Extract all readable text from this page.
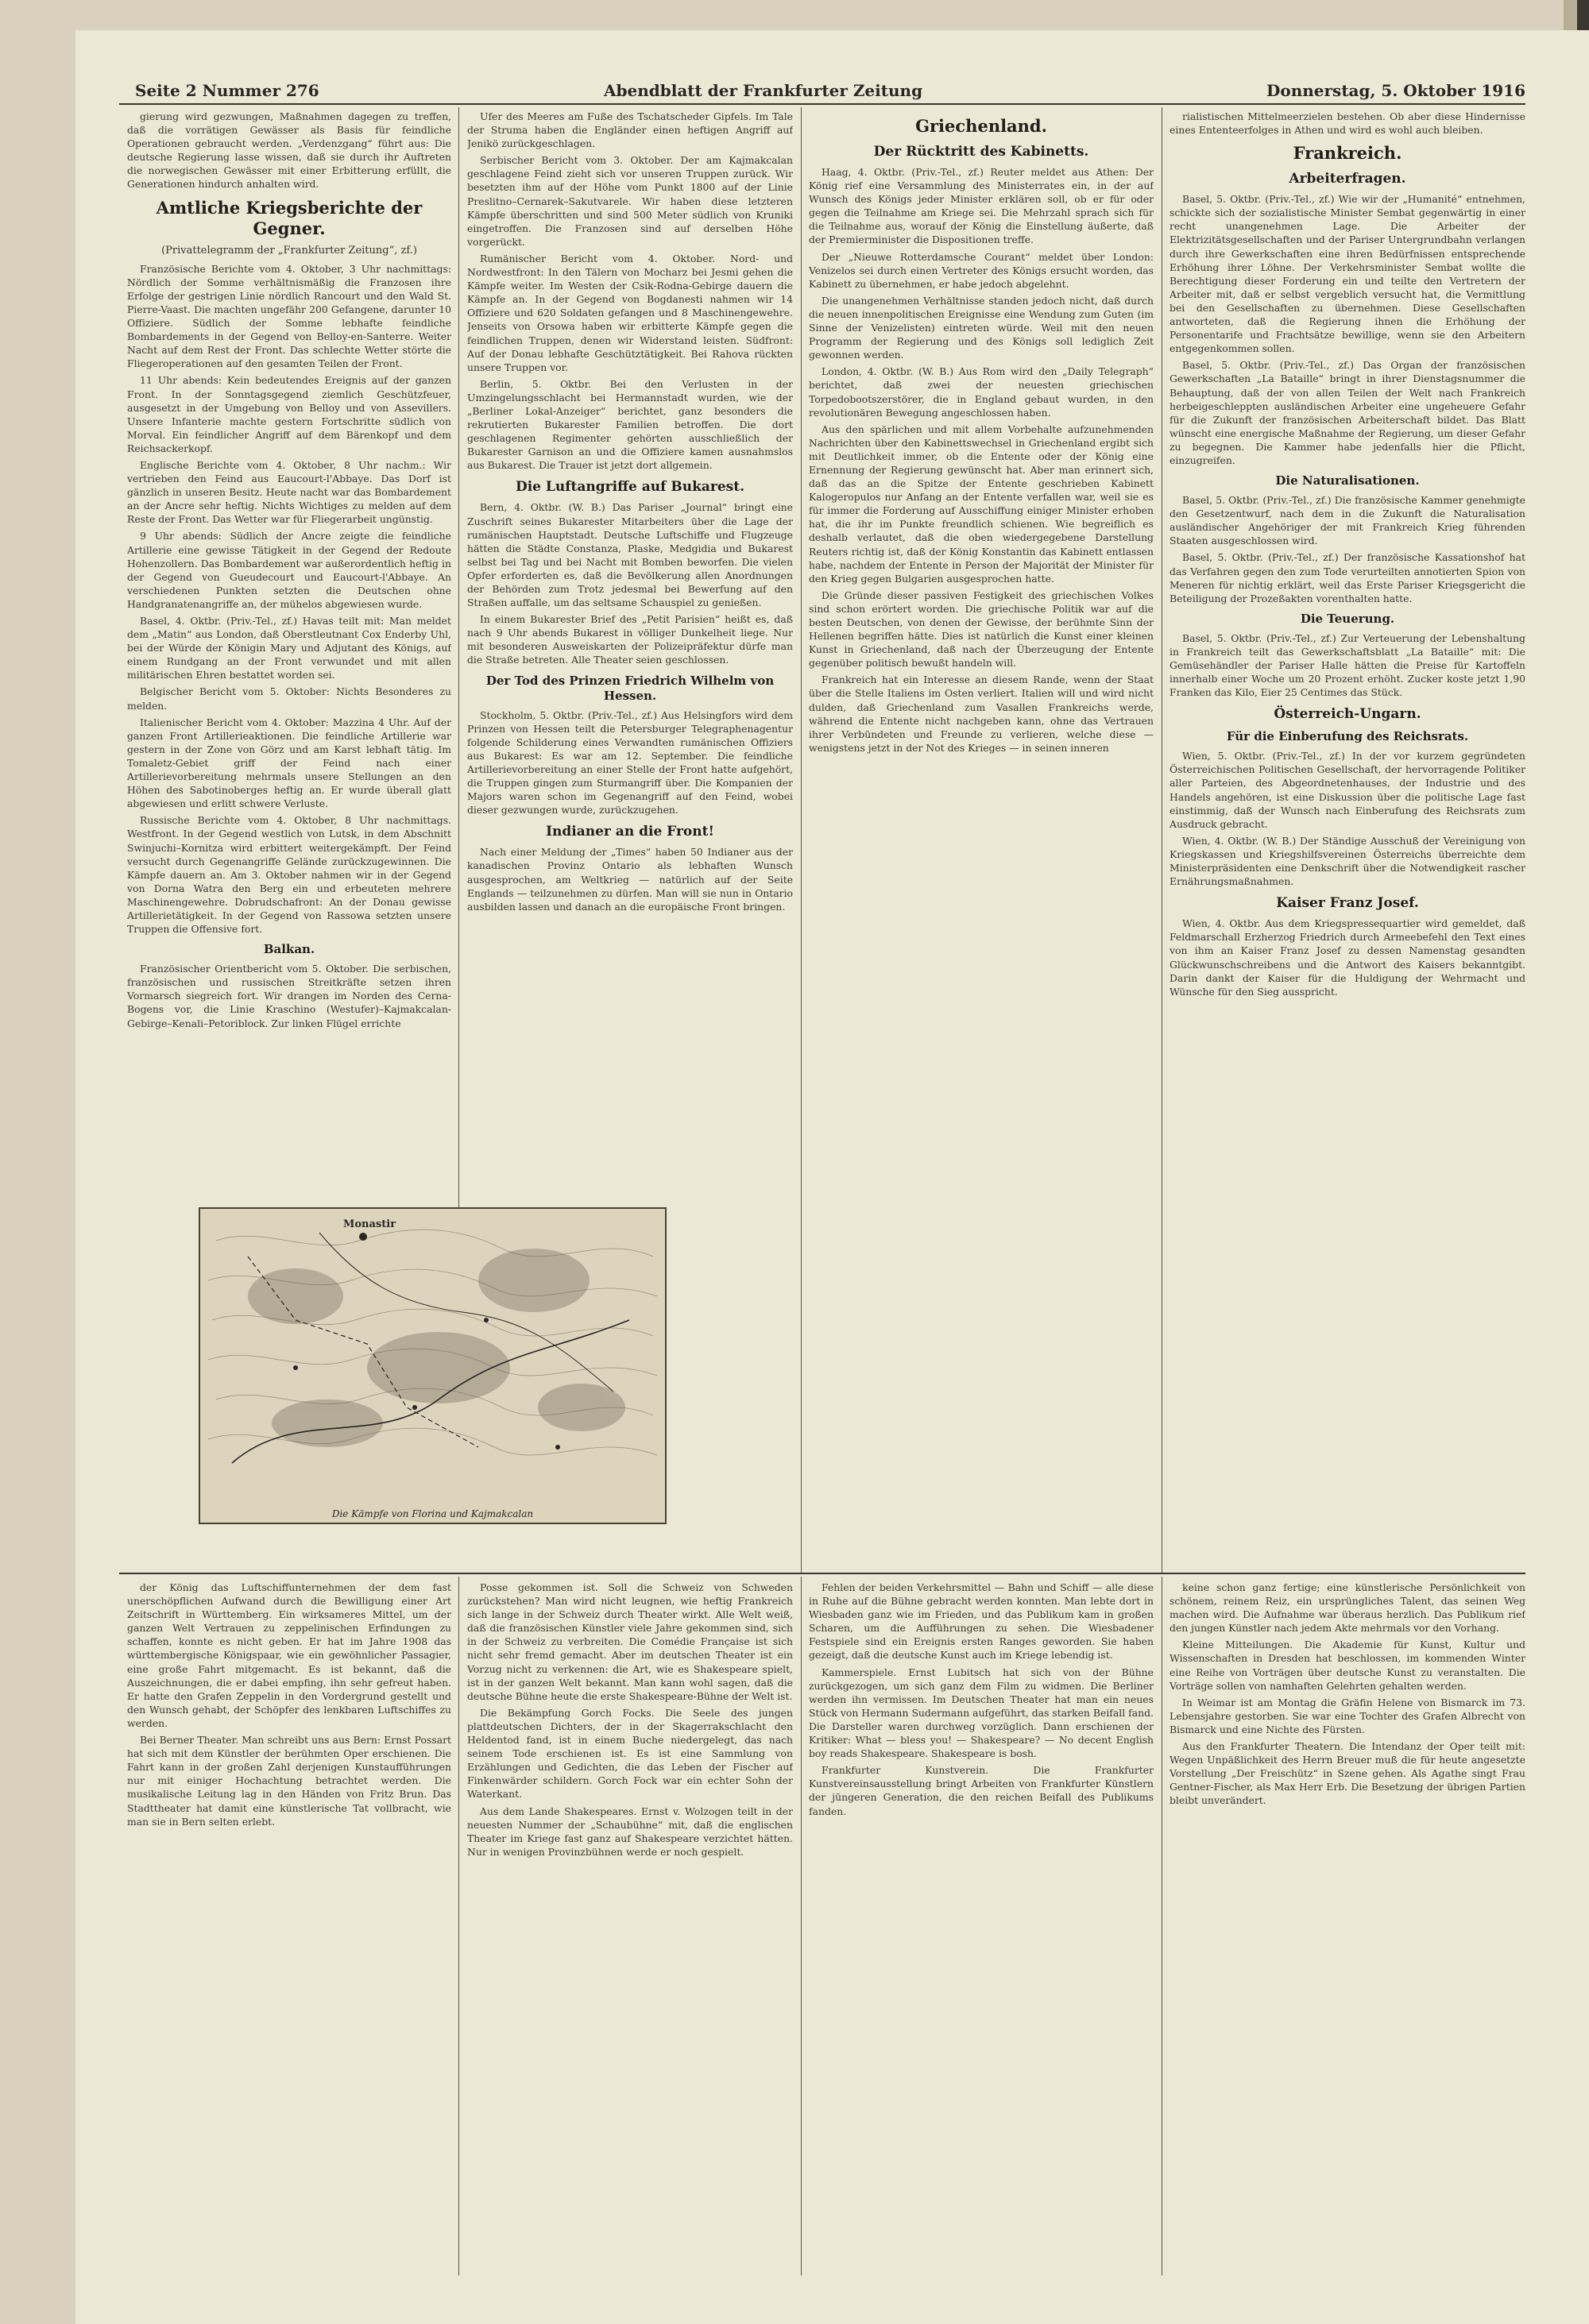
Seite 2 Nummer 276	Abendblatt der Frankfurter Zeitung	Donnerstag, 5. Oktober 1916

gierung wird gezwungen, Maßnahmen dagegen zu treffen, daß die vorrätigen Gewässer als Basis für feindliche Operationen gebraucht werden. „Verdenzgang“ führt aus: Die deutsche Regierung lasse wissen, daß sie durch ihr Auftreten die norwegischen Gewässer mit einer Erbitterung erfüllt, die Generationen hindurch anhalten wird.

Amtliche Kriegsberichte der Gegner.
(Privattelegramm der „Frankfurter Zeitung“, zf.)

Französische Berichte vom 4. Oktober, 3 Uhr nachmittags: Nördlich der Somme verhältnismäßig die Franzosen ihre Erfolge der gestrigen Linie nördlich Rancourt und den Wald St. Pierre-Vaast. Die machten ungefähr 200 Gefangene, darunter 10 Offiziere. Südlich der Somme lebhafte feindliche Bombardements in der Gegend von Belloy-en-Santerre. Weiter Nacht auf dem Rest der Front. Das schlechte Wetter störte die Fliegeroperationen auf den gesamten Teilen der Front.

11 Uhr abends: Kein bedeutendes Ereignis auf der ganzen Front. In der Sonntagsgegend ziemlich Geschützfeuer, ausgesetzt in der Umgebung von Belloy und von Assevillers. Unsere Infanterie machte gestern Fortschritte südlich von Morval. Ein feindlicher Angriff auf dem Bärenkopf und dem Reichsackerkopf.

Englische Berichte vom 4. Oktober, 8 Uhr nachm.: Wir vertrieben den Feind aus Eaucourt-l'Abbaye. Das Dorf ist gänzlich in unseren Besitz. Heute nacht war das Bombardement an der Ancre sehr heftig. Nichts Wichtiges zu melden auf dem Reste der Front. Das Wetter war für Fliegerarbeit ungünstig.

9 Uhr abends: Südlich der Ancre zeigte die feindliche Artillerie eine gewisse Tätigkeit in der Gegend der Redoute Hohenzollern. Das Bombardement war außerordentlich heftig in der Gegend von Gueudecourt und Eaucourt-l'Abbaye. An verschiedenen Punkten setzten die Deutschen ohne Handgranatenangriffe an, der mühelos abgewiesen wurde.

Basel, 4. Oktbr. (Priv.-Tel., zf.) Havas teilt mit: Man meldet dem „Matin“ aus London, daß Oberstleutnant Cox Enderby Uhl, bei der Würde der Königin Mary und Adjutant des Königs, auf einem Rundgang an der Front verwundet und mit allen militärischen Ehren bestattet worden sei.

Belgischer Bericht vom 5. Oktober: Nichts Besonderes zu melden.

Italienischer Bericht vom 4. Oktober: Mazzina 4 Uhr. Auf der ganzen Front Artillerieaktionen. Die feindliche Artillerie war gestern in der Zone von Görz und am Karst lebhaft tätig. Im Tomaletz-Gebiet griff der Feind nach einer Artillerievorbereitung mehrmals unsere Stellungen an den Höhen des Sabotinoberges heftig an. Er wurde überall glatt abgewiesen und erlitt schwere Verluste.

Russische Berichte vom 4. Oktober, 8 Uhr nachmittags. Westfront. In der Gegend westlich von Lutsk, in dem Abschnitt Swinjuchi–Kornitza wird erbittert weitergekämpft. Der Feind versucht durch Gegenangriffe Gelände zurückzugewinnen. Die Kämpfe dauern an. Am 3. Oktober nahmen wir in der Gegend von Dorna Watra den Berg ein und erbeuteten mehrere Maschinengewehre. Dobrudschafront: An der Donau gewisse Artillerietätigkeit. In der Gegend von Rassowa setzten unsere Truppen die Offensive fort.

Balkan.

Französischer Orientbericht vom 5. Oktober. Die serbischen, französischen und russischen Streitkräfte setzen ihren Vormarsch siegreich fort. Wir drangen im Norden des Cerna-Bogens vor, die Linie Kraschino (Westufer)–Kajmakcalan-Gebirge–Kenali–Petoriblock. Zur linken Flügel errichte

Ufer des Meeres am Fuße des Tschatscheder Gipfels. Im Tale der Struma haben die Engländer einen heftigen Angriff auf Jenikö zurückgeschlagen.

Serbischer Bericht vom 3. Oktober. Der am Kajmakcalan geschlagene Feind zieht sich vor unseren Truppen zurück. Wir besetzten ihm auf der Höhe vom Punkt 1800 auf der Linie Preslitno–Cernarek–Sakutvarele. Wir haben diese letzteren Kämpfe überschritten und sind 500 Meter südlich von Kruniki eingetroffen. Die Franzosen sind auf derselben Höhe vorgerückt.

Rumänischer Bericht vom 4. Oktober. Nord- und Nordwestfront: In den Tälern von Mocharz bei Jesmi gehen die Kämpfe weiter. Im Westen der Csik-Rodna-Gebirge dauern die Kämpfe an. In der Gegend von Bogdanesti nahmen wir 14 Offiziere und 620 Soldaten gefangen und 8 Maschinengewehre. Jenseits von Orsowa haben wir erbitterte Kämpfe gegen die feindlichen Truppen, denen wir Widerstand leisten. Südfront: Auf der Donau lebhafte Geschütztätigkeit. Bei Rahova rückten unsere Truppen vor.

Berlin, 5. Oktbr. Bei den Verlusten in der Umzingelungsschlacht bei Hermannstadt wurden, wie der „Berliner Lokal-Anzeiger“ berichtet, ganz besonders die rekrutierten Bukarester Familien betroffen. Die dort geschlagenen Regimenter gehörten ausschließlich der Bukarester Garnison an und die Offiziere kamen ausnahmslos aus Bukarest. Die Trauer ist jetzt dort allgemein.

Die Luftangriffe auf Bukarest.

Bern, 4. Oktbr. (W. B.) Das Pariser „Journal“ bringt eine Zuschrift seines Bukarester Mitarbeiters über die Lage der rumänischen Hauptstadt. Deutsche Luftschiffe und Flugzeuge hätten die Städte Constanza, Plaske, Medgidia und Bukarest selbst bei Tag und bei Nacht mit Bomben beworfen. Die vielen Opfer erforderten es, daß die Bevölkerung allen Anordnungen der Behörden zum Trotz jedesmal bei Bewerfung auf den Straßen auffalle, um das seltsame Schauspiel zu genießen.

In einem Bukarester Brief des „Petit Parisien“ heißt es, daß nach 9 Uhr abends Bukarest in völliger Dunkelheit liege. Nur mit besonderen Ausweiskarten der Polizeipräfektur dürfe man die Straße betreten. Alle Theater seien geschlossen.

Der Tod des Prinzen Friedrich Wilhelm von Hessen.

Stockholm, 5. Oktbr. (Priv.-Tel., zf.) Aus Helsingfors wird dem Prinzen von Hessen teilt die Petersburger Telegraphenagentur folgende Schilderung eines Verwandten rumänischen Offiziers aus Bukarest: Es war am 12. September. Die feindliche Artillerievorbereitung an einer Stelle der Front hatte aufgehört, die Truppen gingen zum Sturmangriff über. Die Kompanien der Majors waren schon im Gegenangriff auf den Feind, wobei dieser gezwungen wurde, zurückzugehen.

Indianer an die Front!

Nach einer Meldung der „Times“ haben 50 Indianer aus der kanadischen Provinz Ontario als lebhaften Wunsch ausgesprochen, am Weltkrieg — natürlich auf der Seite Englands — teilzunehmen zu dürfen. Man will sie nun in Ontario ausbilden lassen und danach an die europäische Front bringen.

Monastir
Die Kämpfe von Florina und Kajmakcalan
Griechenland.
Der Rücktritt des Kabinetts.

Haag, 4. Oktbr. (Priv.-Tel., zf.) Reuter meldet aus Athen: Der König rief eine Versammlung des Ministerrates ein, in der auf Wunsch des Königs jeder Minister erklären soll, ob er für oder gegen die Teilnahme am Kriege sei. Die Mehrzahl sprach sich für die Teilnahme aus, worauf der König die Einstellung äußerte, daß der Premierminister die Dispositionen treffe.

Der „Nieuwe Rotterdamsche Courant“ meldet über London: Venizelos sei durch einen Vertreter des Königs ersucht worden, das Kabinett zu übernehmen, er habe jedoch abgelehnt.

Die unangenehmen Verhältnisse standen jedoch nicht, daß durch die neuen innenpolitischen Ereignisse eine Wendung zum Guten (im Sinne der Venizelisten) eintreten würde. Weil mit den neuen Programm der Regierung und des Königs soll lediglich Zeit gewonnen werden.

London, 4. Oktbr. (W. B.) Aus Rom wird den „Daily Telegraph“ berichtet, daß zwei der neuesten griechischen Torpedobootszerstörer, die in England gebaut wurden, in den revolutionären Bewegung angeschlossen haben.

Aus den spärlichen und mit allem Vorbehalte aufzunehmenden Nachrichten über den Kabinettswechsel in Griechenland ergibt sich mit Deutlichkeit immer, ob die Entente oder der König eine Ernennung der Regierung gewünscht hat. Aber man erinnert sich, daß das an die Spitze der Entente geschrieben Kabinett Kalogeropulos nur Anfang an der Entente verfallen war, weil sie es für immer die Forderung auf Ausschiffung einiger Minister erhoben hat, die ihr im Punkte freundlich schienen. Wie begreiflich es deshalb verlautet, daß die oben wiedergegebene Darstellung Reuters richtig ist, daß der König Konstantin das Kabinett entlassen habe, nachdem der Entente in Person der Majorität der Minister für den Krieg gegen Bulgarien ausgesprochen hatte.

Die Gründe dieser passiven Festigkeit des griechischen Volkes sind schon erörtert worden. Die griechische Politik war auf die besten Deutschen, von denen der Gewisse, der berühmte Sinn der Hellenen begriffen hätte. Dies ist natürlich die Kunst einer kleinen Kunst in Griechenland, daß nach der Überzeugung der Entente gegenüber politisch bewußt handeln will.

Frankreich hat ein Interesse an diesem Rande, wenn der Staat über die Stelle Italiens im Osten verliert. Italien will und wird nicht dulden, daß Griechenland zum Vasallen Frankreichs werde, während die Entente nicht nachgeben kann, ohne das Vertrauen ihrer Verbündeten und Freunde zu verlieren, welche diese — wenigstens jetzt in der Not des Krieges — in seinen inneren

rialistischen Mittelmeerzielen bestehen. Ob aber diese Hindernisse eines Ententeerfolges in Athen und wird es wohl auch bleiben.

Frankreich.
Arbeiterfragen.

Basel, 5. Oktbr. (Priv.-Tel., zf.) Wie wir der „Humanité“ entnehmen, schickte sich der sozialistische Minister Sembat gegenwärtig in einer recht unangenehmen Lage. Die Arbeiter der Elektrizitätsgesellschaften und der Pariser Untergrundbahn verlangen durch ihre Gewerkschaften eine ihren Bedürfnissen entsprechende Erhöhung ihrer Löhne. Der Verkehrsminister Sembat wollte die Berechtigung dieser Forderung ein und teilte den Vertretern der Arbeiter mit, daß er selbst vergeblich versucht hat, die Vermittlung bei den Gesellschaften zu übernehmen. Diese Gesellschaften antworteten, daß die Regierung ihnen die Erhöhung der Personentarife und Frachtsätze bewillige, wenn sie den Arbeitern entgegenkommen sollen.

Basel, 5. Oktbr. (Priv.-Tel., zf.) Das Organ der französischen Gewerkschaften „La Bataille“ bringt in ihrer Dienstagsnummer die Behauptung, daß der von allen Teilen der Welt nach Frankreich herbeigeschleppten ausländischen Arbeiter eine ungeheuere Gefahr für die Zukunft der französischen Arbeiterschaft bildet. Das Blatt wünscht eine energische Maßnahme der Regierung, um dieser Gefahr zu begegnen. Die Kammer habe jedenfalls hier die Pflicht, einzugreifen.

Die Naturalisationen.

Basel, 5. Oktbr. (Priv.-Tel., zf.) Die französische Kammer genehmigte den Gesetzentwurf, nach dem in die Zukunft die Naturalisation ausländischer Angehöriger der mit Frankreich Krieg führenden Staaten ausgeschlossen wird.

Basel, 5. Oktbr. (Priv.-Tel., zf.) Der französische Kassationshof hat das Verfahren gegen den zum Tode verurteilten annotierten Spion von Meneren für nichtig erklärt, weil das Erste Pariser Kriegsgericht die Beteiligung der Prozeßakten vorenthalten hatte.

Die Teuerung.

Basel, 5. Oktbr. (Priv.-Tel., zf.) Zur Verteuerung der Lebenshaltung in Frankreich teilt das Gewerkschaftsblatt „La Bataille“ mit: Die Gemüsehändler der Pariser Halle hätten die Preise für Kartoffeln innerhalb einer Woche um 20 Prozent erhöht. Zucker koste jetzt 1,90 Franken das Kilo, Eier 25 Centimes das Stück.

Österreich-Ungarn.
Für die Einberufung des Reichsrats.

Wien, 5. Oktbr. (Priv.-Tel., zf.) In der vor kurzem gegründeten Österreichischen Politischen Gesellschaft, der hervorragende Politiker aller Parteien, des Abgeordnetenhauses, der Industrie und des Handels angehören, ist eine Diskussion über die politische Lage fast einstimmig, daß der Wunsch nach Einberufung des Reichsrats zum Ausdruck gebracht.

Wien, 4. Oktbr. (W. B.) Der Ständige Ausschuß der Vereinigung von Kriegskassen und Kriegshilfsvereinen Österreichs überreichte dem Ministerpräsidenten eine Denkschrift über die Notwendigkeit rascher Ernährungsmaßnahmen.

Kaiser Franz Josef.

Wien, 4. Oktbr. Aus dem Kriegspressequartier wird gemeldet, daß Feldmarschall Erzherzog Friedrich durch Armeebefehl den Text eines von ihm an Kaiser Franz Josef zu dessen Namenstag gesandten Glückwunschschreibens und die Antwort des Kaisers bekanntgibt. Darin dankt der Kaiser für die Huldigung der Wehrmacht und Wünsche für den Sieg ausspricht.

der König das Luftschiffunternehmen der dem fast unerschöpflichen Aufwand durch die Bewilligung einer Art Zeitschrift in Württemberg. Ein wirksameres Mittel, um der ganzen Welt Vertrauen zu zeppelinischen Erfindungen zu schaffen, konnte es nicht geben. Er hat im Jahre 1908 das württembergische Königspaar, wie ein gewöhnlicher Passagier, eine große Fahrt mitgemacht. Es ist bekannt, daß die Auszeichnungen, die er dabei empfing, ihn sehr gefreut haben. Er hatte den Grafen Zeppelin in den Vordergrund gestellt und den Wunsch gehabt, der Schöpfer des lenkbaren Luftschiffes zu werden.

Bei Berner Theater. Man schreibt uns aus Bern: Ernst Possart hat sich mit dem Künstler der berühmten Oper erschienen. Die Fahrt kann in der großen Zahl derjenigen Kunstaufführungen nur mit einiger Hochachtung betrachtet werden. Die musikalische Leitung lag in den Händen von Fritz Brun. Das Stadttheater hat damit eine künstlerische Tat vollbracht, wie man sie in Bern selten erlebt.

Posse gekommen ist. Soll die Schweiz von Schweden zurückstehen? Man wird nicht leugnen, wie heftig Frankreich sich lange in der Schweiz durch Theater wirkt. Alle Welt weiß, daß die französischen Künstler viele Jahre gekommen sind, sich in der Schweiz zu verbreiten. Die Comédie Française ist sich nicht sehr fremd gemacht. Aber im deutschen Theater ist ein Vorzug nicht zu verkennen: die Art, wie es Shakespeare spielt, ist in der ganzen Welt bekannt. Man kann wohl sagen, daß die deutsche Bühne heute die erste Shakespeare-Bühne der Welt ist.

Die Bekämpfung Gorch Focks. Die Seele des jungen plattdeutschen Dichters, der in der Skagerrakschlacht den Heldentod fand, ist in einem Buche niedergelegt, das nach seinem Tode erschienen ist. Es ist eine Sammlung von Erzählungen und Gedichten, die das Leben der Fischer auf Finkenwärder schildern. Gorch Fock war ein echter Sohn der Waterkant.

Aus dem Lande Shakespeares. Ernst v. Wolzogen teilt in der neuesten Nummer der „Schaubühne“ mit, daß die englischen Theater im Kriege fast ganz auf Shakespeare verzichtet hätten. Nur in wenigen Provinzbühnen werde er noch gespielt.

Fehlen der beiden Verkehrsmittel — Bahn und Schiff — alle diese in Ruhe auf die Bühne gebracht werden konnten. Man lebte dort in Wiesbaden ganz wie im Frieden, und das Publikum kam in großen Scharen, um die Aufführungen zu sehen. Die Wiesbadener Festspiele sind ein Ereignis ersten Ranges geworden. Sie haben gezeigt, daß die deutsche Kunst auch im Kriege lebendig ist.

Kammerspiele. Ernst Lubitsch hat sich von der Bühne zurückgezogen, um sich ganz dem Film zu widmen. Die Berliner werden ihn vermissen. Im Deutschen Theater hat man ein neues Stück von Hermann Sudermann aufgeführt, das starken Beifall fand. Die Darsteller waren durchweg vorzüglich. Dann erschienen der Kritiker: What — bless you! — Shakespeare? — No decent English boy reads Shakespeare. Shakespeare is bosh.

Frankfurter Kunstverein. Die Frankfurter Kunstvereinsausstellung bringt Arbeiten von Frankfurter Künstlern der jüngeren Generation, die den reichen Beifall des Publikums fanden.

keine schon ganz fertige; eine künstlerische Persönlichkeit von schönem, reinem Reiz, ein ursprüngliches Talent, das seinen Weg machen wird. Die Aufnahme war überaus herzlich. Das Publikum rief den jungen Künstler nach jedem Akte mehrmals vor den Vorhang.

Kleine Mitteilungen. Die Akademie für Kunst, Kultur und Wissenschaften in Dresden hat beschlossen, im kommenden Winter eine Reihe von Vorträgen über deutsche Kunst zu veranstalten. Die Vorträge sollen von namhaften Gelehrten gehalten werden.

In Weimar ist am Montag die Gräfin Helene von Bismarck im 73. Lebensjahre gestorben. Sie war eine Tochter des Grafen Albrecht von Bismarck und eine Nichte des Fürsten.

Aus den Frankfurter Theatern. Die Intendanz der Oper teilt mit: Wegen Unpäßlichkeit des Herrn Breuer muß die für heute angesetzte Vorstellung „Der Freischütz“ in Szene gehen. Als Agathe singt Frau Gentner-Fischer, als Max Herr Erb. Die Besetzung der übrigen Partien bleibt unverändert.
